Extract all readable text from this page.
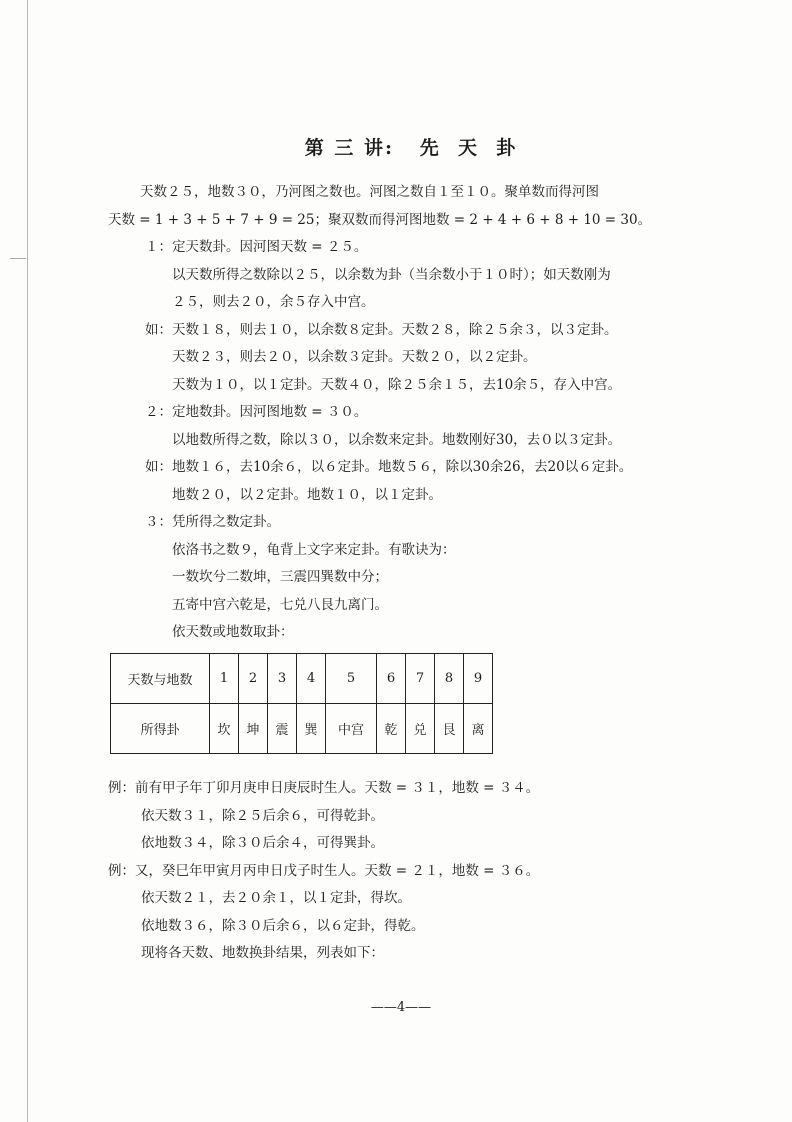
第 三 讲:   先  天  卦
天数２５，地数３０，乃河图之数也。河图之数自１至１０。聚单数而得河图
天数 = 1 + 3 + 5 + 7 + 9 = 25；聚双数而得河图地数 = 2 + 4 + 6 + 8 + 10 = 30。
１：定天数卦。因河图天数 = ２５。
以天数所得之数除以２５，以余数为卦（当余数小于１０时）；如天数刚为
２５，则去２０，余５存入中宫。
如：天数１８，则去１０，以余数８定卦。天数２８，除２５余３，以３定卦。
天数２３，则去２０，以余数３定卦。天数２０，以２定卦。
天数为１０，以１定卦。天数４０，除２５余１５，去10余５，存入中宫。
２：定地数卦。因河图地数 = ３０。
以地数所得之数，除以３０，以余数来定卦。地数刚好30，去０以３定卦。
如：地数１６，去10余６，以６定卦。地数５６，除以30余26，去20以６定卦。
地数２０，以２定卦。地数１０，以１定卦。
３：凭所得之数定卦。
依洛书之数９，龟背上文字来定卦。有歌诀为：
一数坎兮二数坤，三震四巽数中分；
五寄中宫六乾是，七兑八艮九离门。
依天数或地数取卦：
天数与地数	1	2	3	4	5	6	7	8	9
所得卦	坎	坤	震	巽	中宫	乾	兑	艮	离
例：前有甲子年丁卯月庚申日庚辰时生人。天数 = ３１，地数 = ３４。
依天数３１，除２５后余６，可得乾卦。
依地数３４，除３０后余４，可得巽卦。
例：又，癸巳年甲寅月丙申日戊子时生人。天数 = ２１，地数 = ３６。
依天数２１，去２０余１，以１定卦，得坎。
依地数３６，除３０后余６，以６定卦，得乾。
现将各天数、地数换卦结果，列表如下：
——4——
